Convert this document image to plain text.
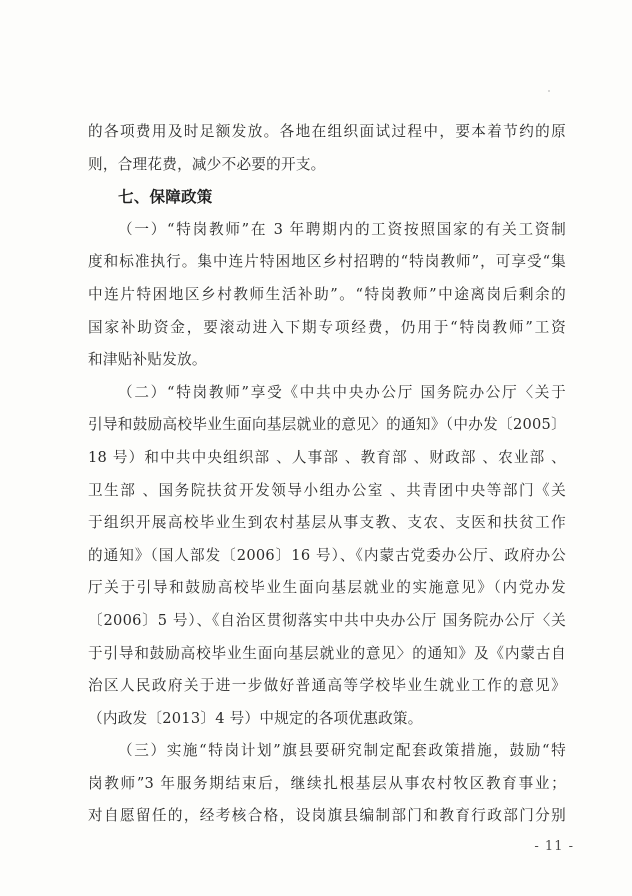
的各项费用及时足额发放。各地在组织面试过程中，要本着节约的原
则，合理花费，减少不必要的开支。
七、保障政策
（一）“特岗教师”在 3 年聘期内的工资按照国家的有关工资制
度和标准执行。集中连片特困地区乡村招聘的“特岗教师”，可享受“集
中连片特困地区乡村教师生活补助”。“特岗教师”中途离岗后剩余的
国家补助资金，要滚动进入下期专项经费，仍用于“特岗教师”工资
和津贴补贴发放。
（二）“特岗教师”享受《中共中央办公厅 国务院办公厅〈关于
引导和鼓励高校毕业生面向基层就业的意见〉的通知》（中办发〔2005〕
18 号）和中共中央组织部 、人事部 、教育部 、财政部 、农业部 、
卫生部 、国务院扶贫开发领导小组办公室 、共青团中央等部门《关
于组织开展高校毕业生到农村基层从事支教、支农、支医和扶贫工作
的通知》（国人部发〔2006〕16 号）、《内蒙古党委办公厅、政府办公
厅关于引导和鼓励高校毕业生面向基层就业的实施意见》（内党办发
〔2006〕5 号）、《自治区贯彻落实中共中央办公厅 国务院办公厅〈关
于引导和鼓励高校毕业生面向基层就业的意见〉的通知》及《内蒙古自
治区人民政府关于进一步做好普通高等学校毕业生就业工作的意见》
（内政发〔2013〕4 号）中规定的各项优惠政策。
（三）实施“特岗计划”旗县要研究制定配套政策措施，鼓励“特
岗教师”3 年服务期结束后，继续扎根基层从事农村牧区教育事业；
对自愿留任的，经考核合格，设岗旗县编制部门和教育行政部门分别
- 11 -
